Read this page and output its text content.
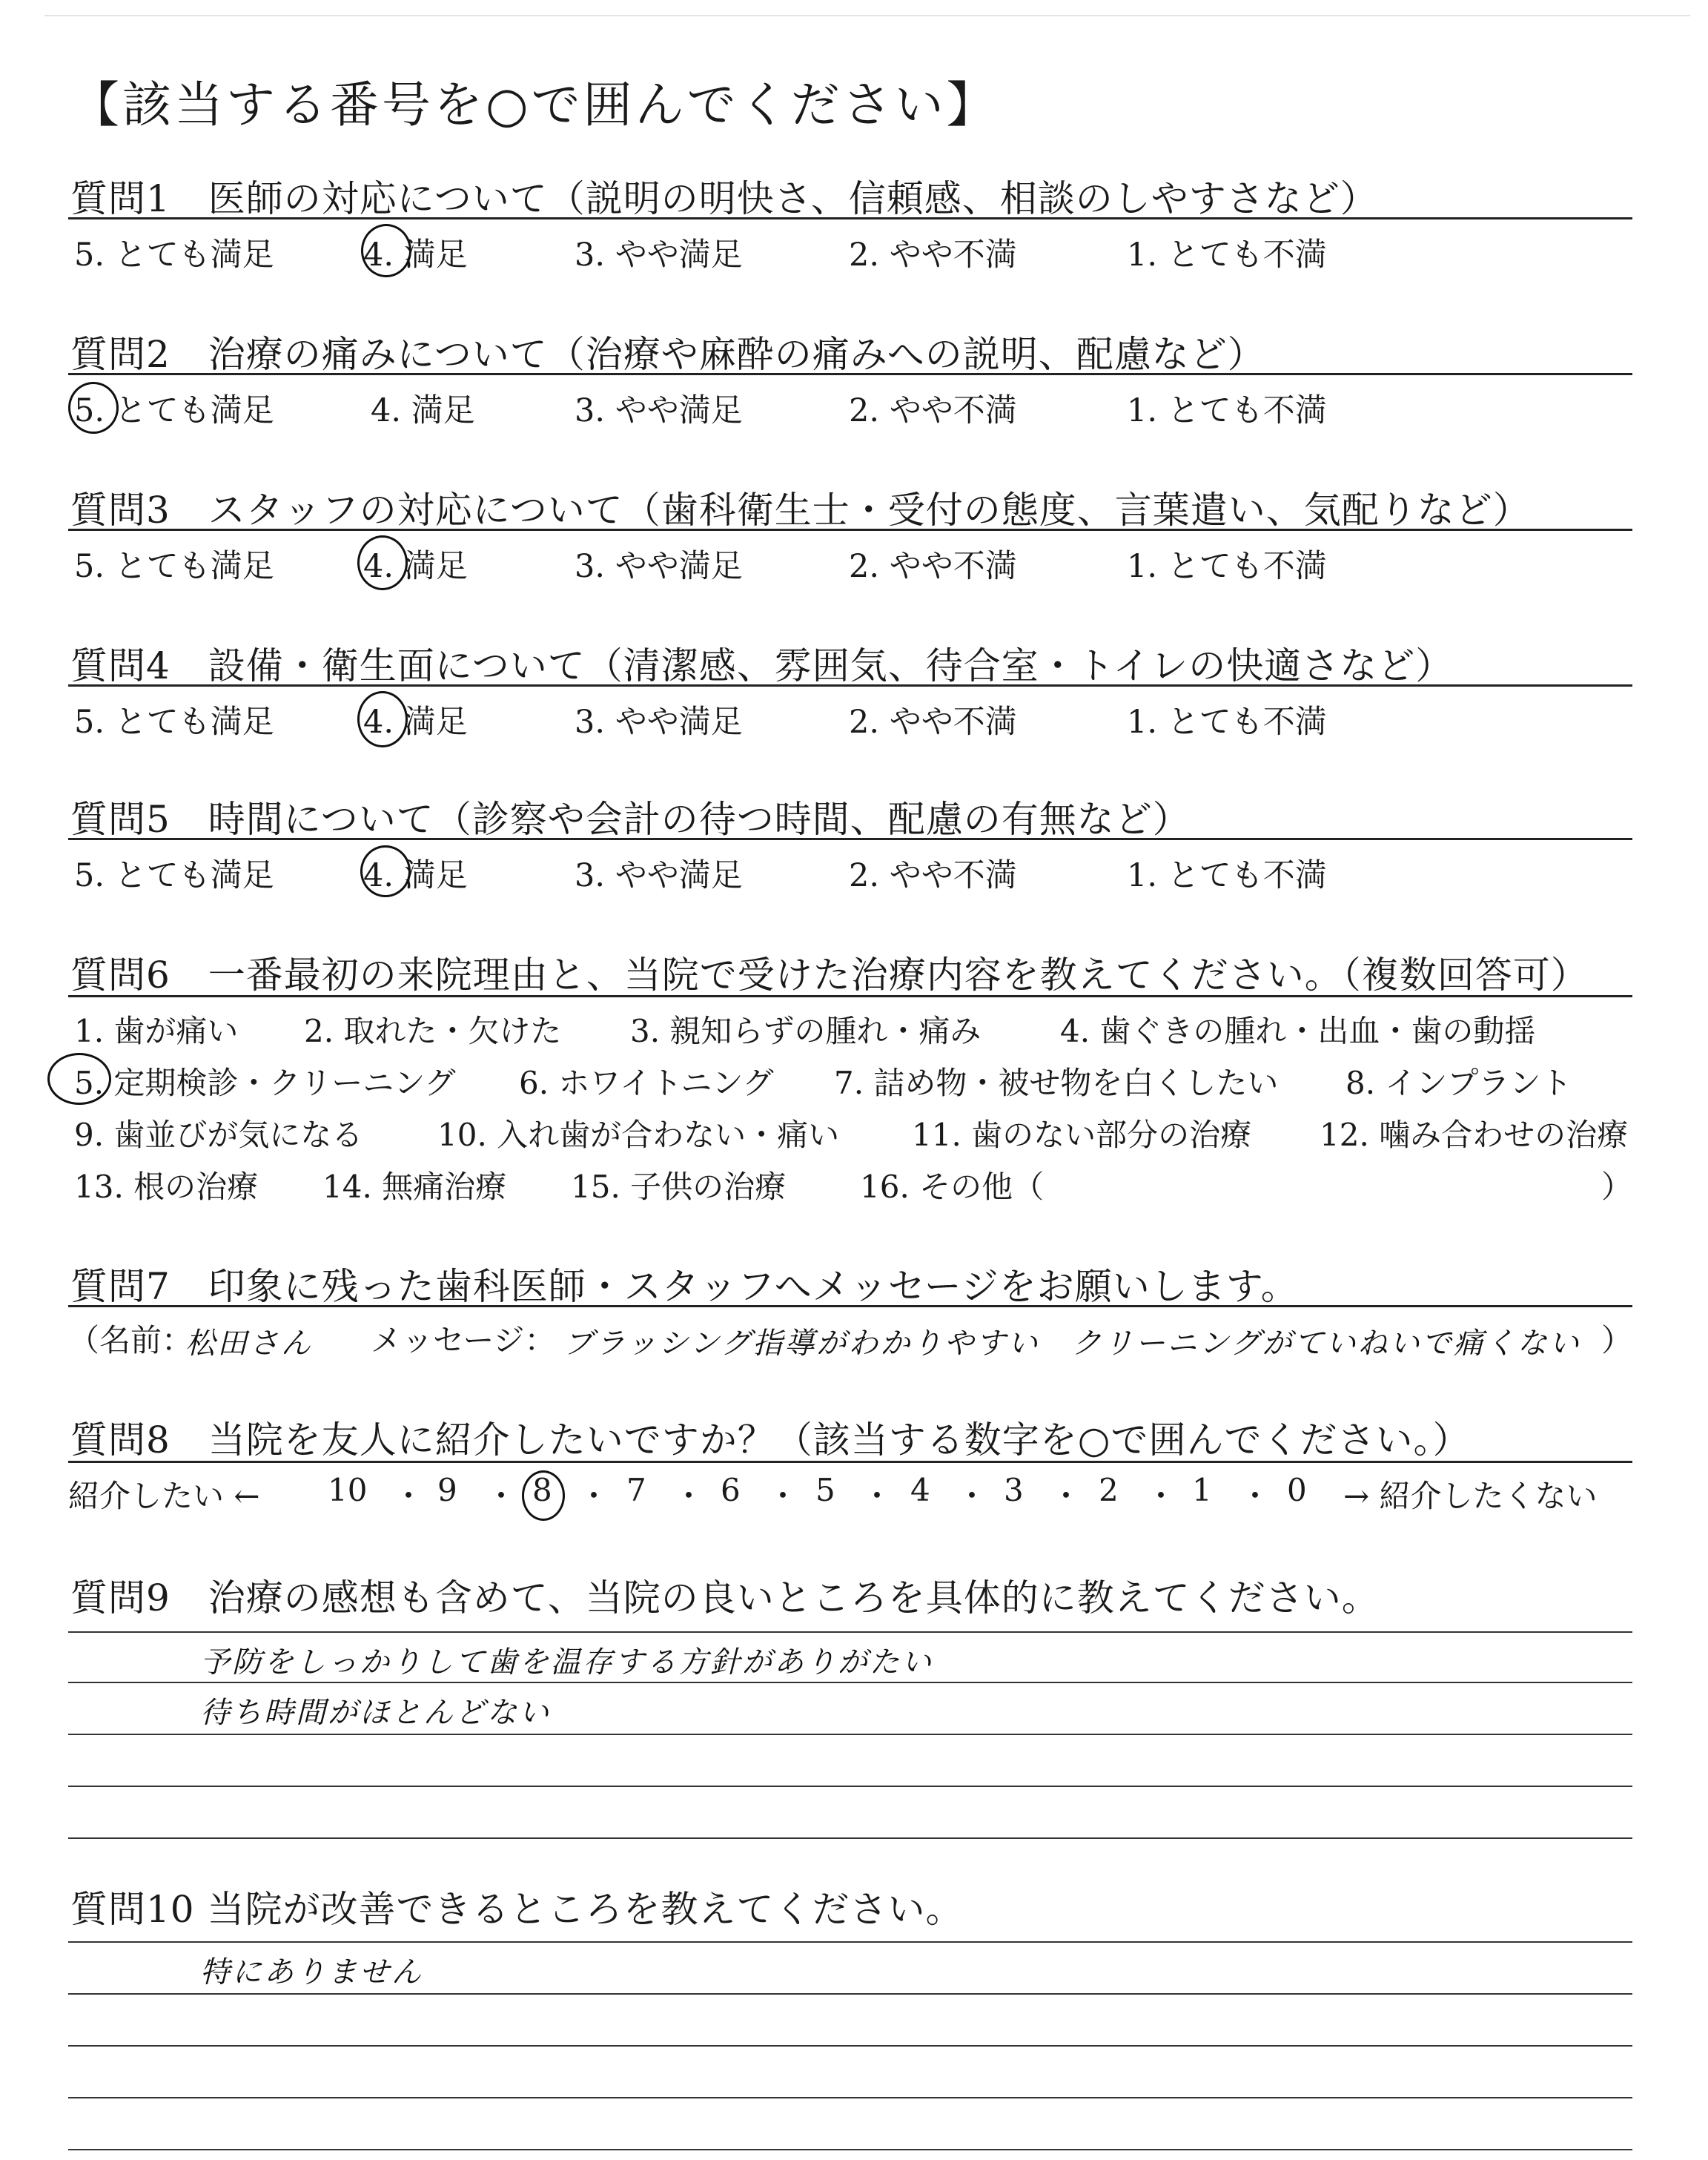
【該当する番号を○で囲んでください】
質問1　医師の対応について（説明の明快さ、信頼感、相談のしやすさなど）
5. とても満足	4. 満足	3. やや満足	2. やや不満	1. とても不満
質問2　治療の痛みについて（治療や麻酔の痛みへの説明、配慮など）
5. とても満足	4. 満足	3. やや満足	2. やや不満	1. とても不満
質問3　スタッフの対応について（歯科衛生士・受付の態度、言葉遣い、気配りなど）
5. とても満足	4. 満足	3. やや満足	2. やや不満	1. とても不満
質問4　設備・衛生面について（清潔感、雰囲気、待合室・トイレの快適さなど）
5. とても満足	4. 満足	3. やや満足	2. やや不満	1. とても不満
質問5　時間について（診察や会計の待つ時間、配慮の有無など）
5. とても満足	4. 満足	3. やや満足	2. やや不満	1. とても不満
質問6　一番最初の来院理由と、当院で受けた治療内容を教えてください。（複数回答可）
1. 歯が痛い 2. 取れた・欠けた 3. 親知らずの腫れ・痛み	4. 歯ぐきの腫れ・出血・歯の動揺
5. 定期検診・クリーニング 6. ホワイトニング 7. 詰め物・被せ物を白くしたい 8. インプラント
9. 歯並びが気になる 10. 入れ歯が合わない・痛い 11. 歯のない部分の治療 12. 噛み合わせの治療
13. 根の治療 14. 無痛治療 15. 子供の治療 16. その他（	）
質問7　印象に残った歯科医師・スタッフへメッセージをお願いします。
（名前：
松田さん メッセージ： ブラッシング指導がわかりやすい　クリーニングがていねいで痛くない ）
質問8　当院を友人に紹介したいですか？（該当する数字を○で囲んでください。）
紹介したい ← 10 ・ 9 ・ 8 ・ 7 ・ 6 ・ 5 ・ 4 ・ 3 ・ 2 ・ 1 ・ 0 → 紹介したくない
質問9　治療の感想も含めて、当院の良いところを具体的に教えてください。
予防をしっかりして歯を温存する方針がありがたい
待ち時間がほとんどない
質問10 当院が改善できるところを教えてください。
特にありません
